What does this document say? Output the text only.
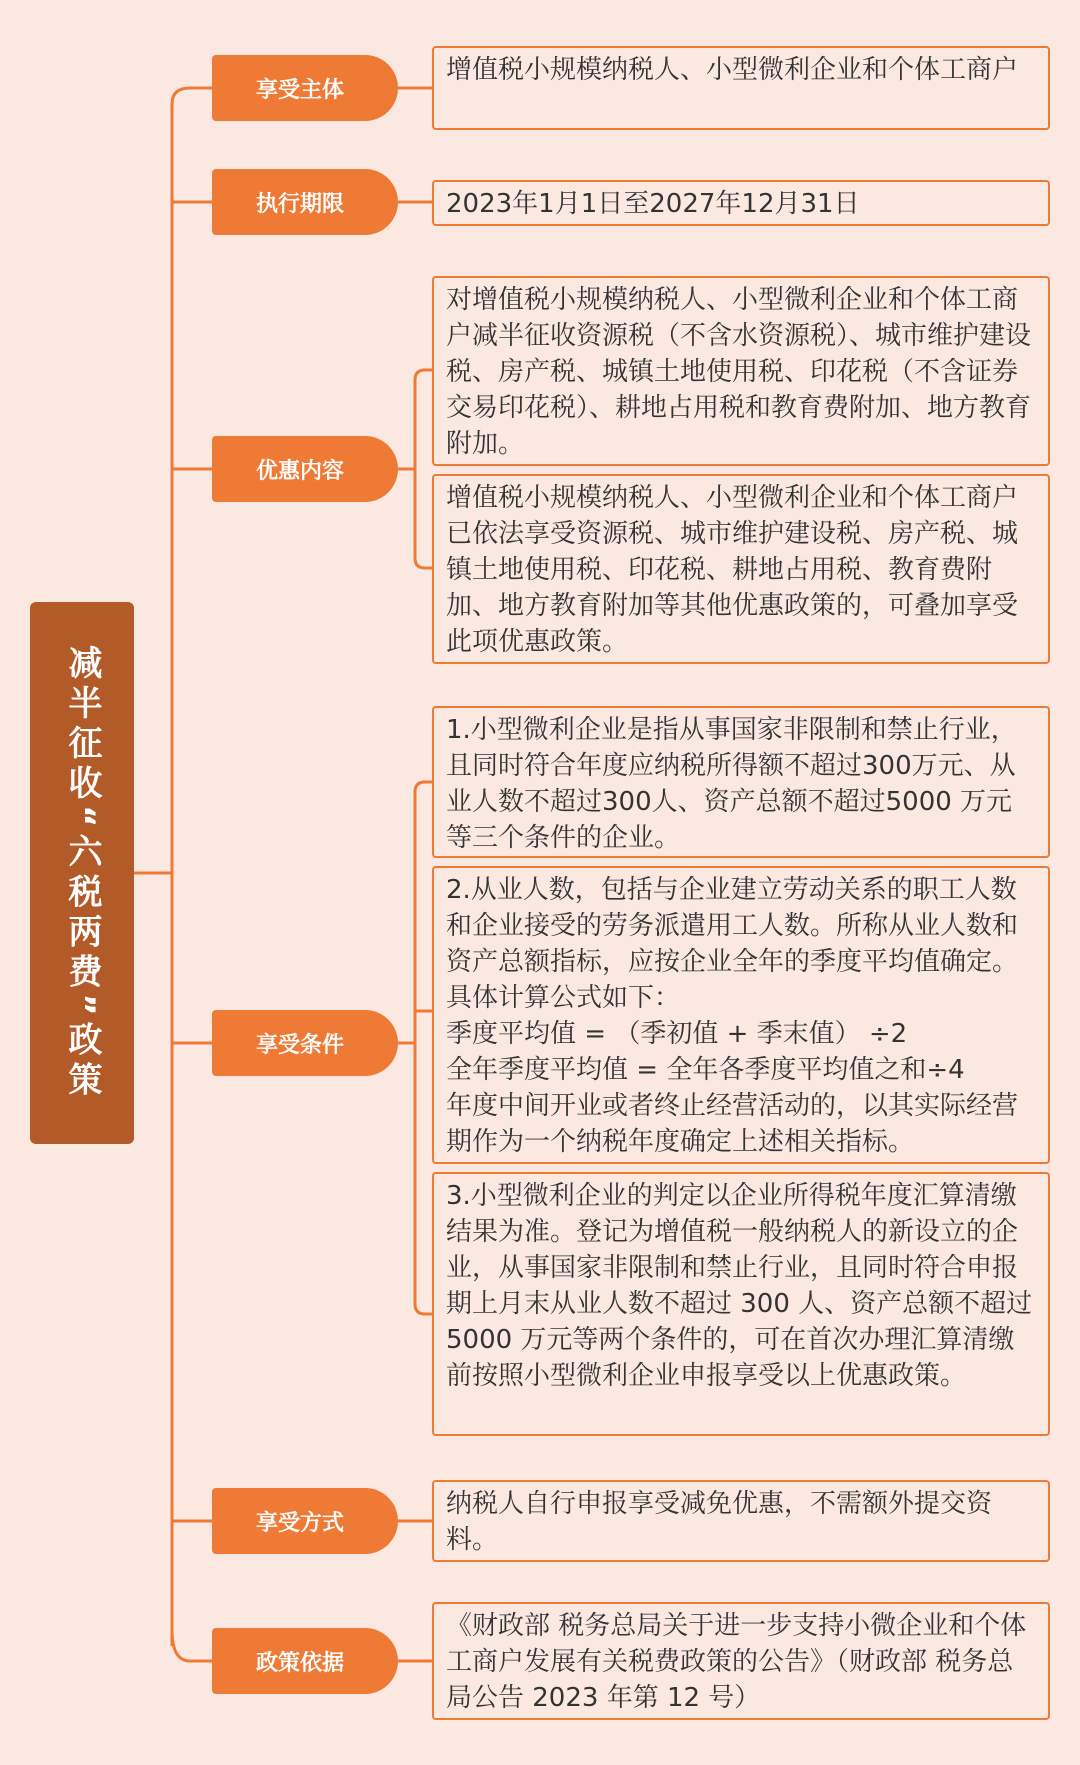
减半征收“六税两费”政策
享受主体
增值税小规模纳税人、小型微利企业和个体工商户
执行期限	2023年1月1日至2027年12月31日
优惠内容
对增值税小规模纳税人、小型微利企业和个体工商户减半征收资源税（不含水资源税）、城市维护建设税、房产税、城镇土地使用税、印花税（不含证券交易印花税）、耕地占用税和教育费附加、地方教育附加。
增值税小规模纳税人、小型微利企业和个体工商户已依法享受资源税、城市维护建设税、房产税、城镇土地使用税、印花税、耕地占用税、教育费附加、地方教育附加等其他优惠政策的，可叠加享受此项优惠政策。
享受条件
1.小型微利企业是指从事国家非限制和禁止行业，且同时符合年度应纳税所得额不超过300万元、从业人数不超过300人、资产总额不超过5000 万元等三个条件的企业。
2.从业人数，包括与企业建立劳动关系的职工人数和企业接受的劳务派遣用工人数。所称从业人数和资产总额指标，应按企业全年的季度平均值确定。具体计算公式如下：
季度平均值 = （季初值 + 季末值） ÷2
全年季度平均值 = 全年各季度平均值之和÷4
年度中间开业或者终止经营活动的，以其实际经营期作为一个纳税年度确定上述相关指标。
3.小型微利企业的判定以企业所得税年度汇算清缴结果为准。登记为增值税一般纳税人的新设立的企业，从事国家非限制和禁止行业，且同时符合申报期上月末从业人数不超过 300 人、资产总额不超过 5000 万元等两个条件的，可在首次办理汇算清缴前按照小型微利企业申报享受以上优惠政策。
享受方式
纳税人自行申报享受减免优惠，不需额外提交资料。
政策依据
《财政部 税务总局关于进一步支持小微企业和个体工商户发展有关税费政策的公告》（财政部 税务总局公告 2023 年第 12 号）
